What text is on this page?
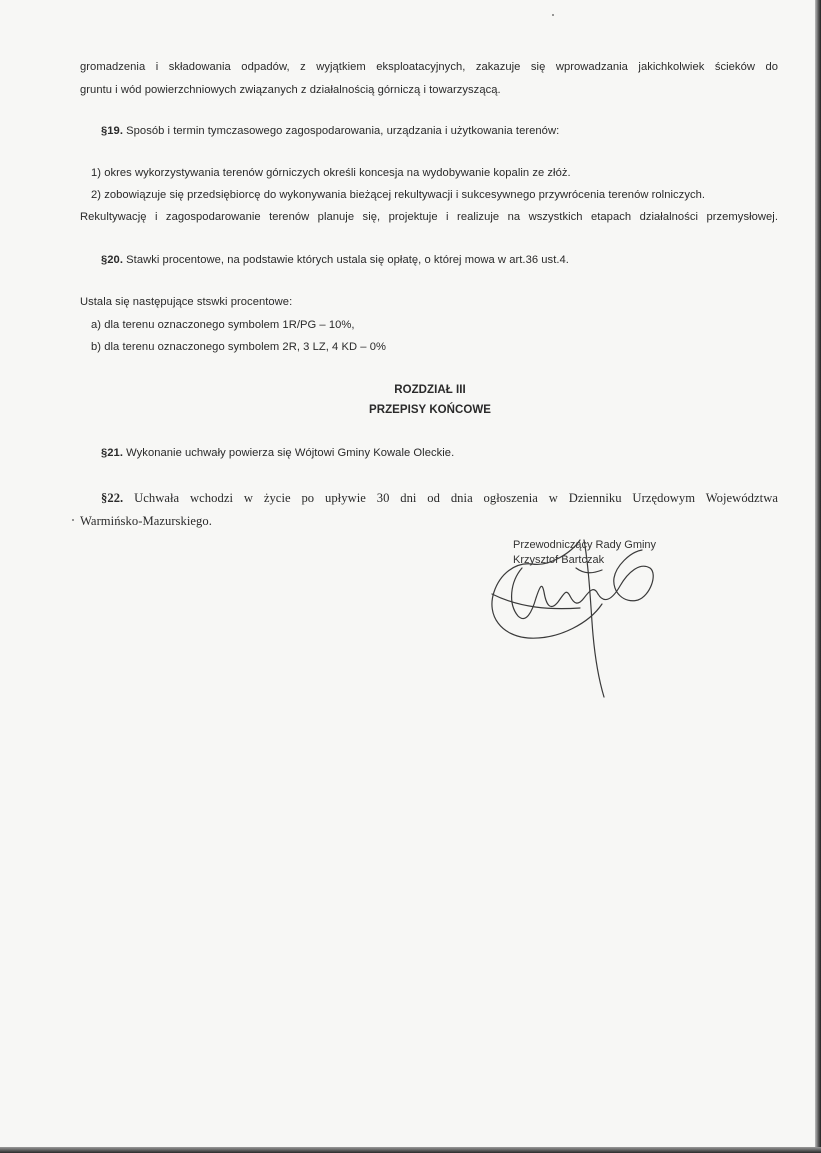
gromadzenia i składowania odpadów, z wyjątkiem eksploatacyjnych, zakazuje się wprowadzania jakichkolwiek ścieków do
gruntu i wód powierzchniowych związanych z działalnością górniczą i towarzyszącą.
§19. Sposób i termin tymczasowego zagospodarowania, urządzania i użytkowania terenów:
1) okres wykorzystywania terenów górniczych określi koncesja na wydobywanie kopalin ze złóż.
2) zobowiązuje się przedsiębiorcę do wykonywania bieżącej rekultywacji i sukcesywnego przywrócenia terenów rolniczych.
Rekultywację i zagospodarowanie terenów planuje się, projektuje i realizuje na wszystkich etapach działalności przemysłowej.
§20. Stawki procentowe, na podstawie których ustala się opłatę, o której mowa w art.36 ust.4.
Ustala się następujące stswki procentowe:
a) dla terenu oznaczonego symbolem 1R/PG – 10%,
b) dla terenu oznaczonego symbolem 2R, 3 LZ, 4 KD – 0%
ROZDZIAŁ III
PRZEPISY KOŃCOWE
§21. Wykonanie uchwały powierza się Wójtowi Gminy Kowale Oleckie.
§22. Uchwała wchodzi w życie po upływie 30 dni od dnia ogłoszenia w Dzienniku Urzędowym Województwa
Warmińsko-Mazurskiego.
Przewodniczący Rady Gminy
Krzysztof Bartczak
